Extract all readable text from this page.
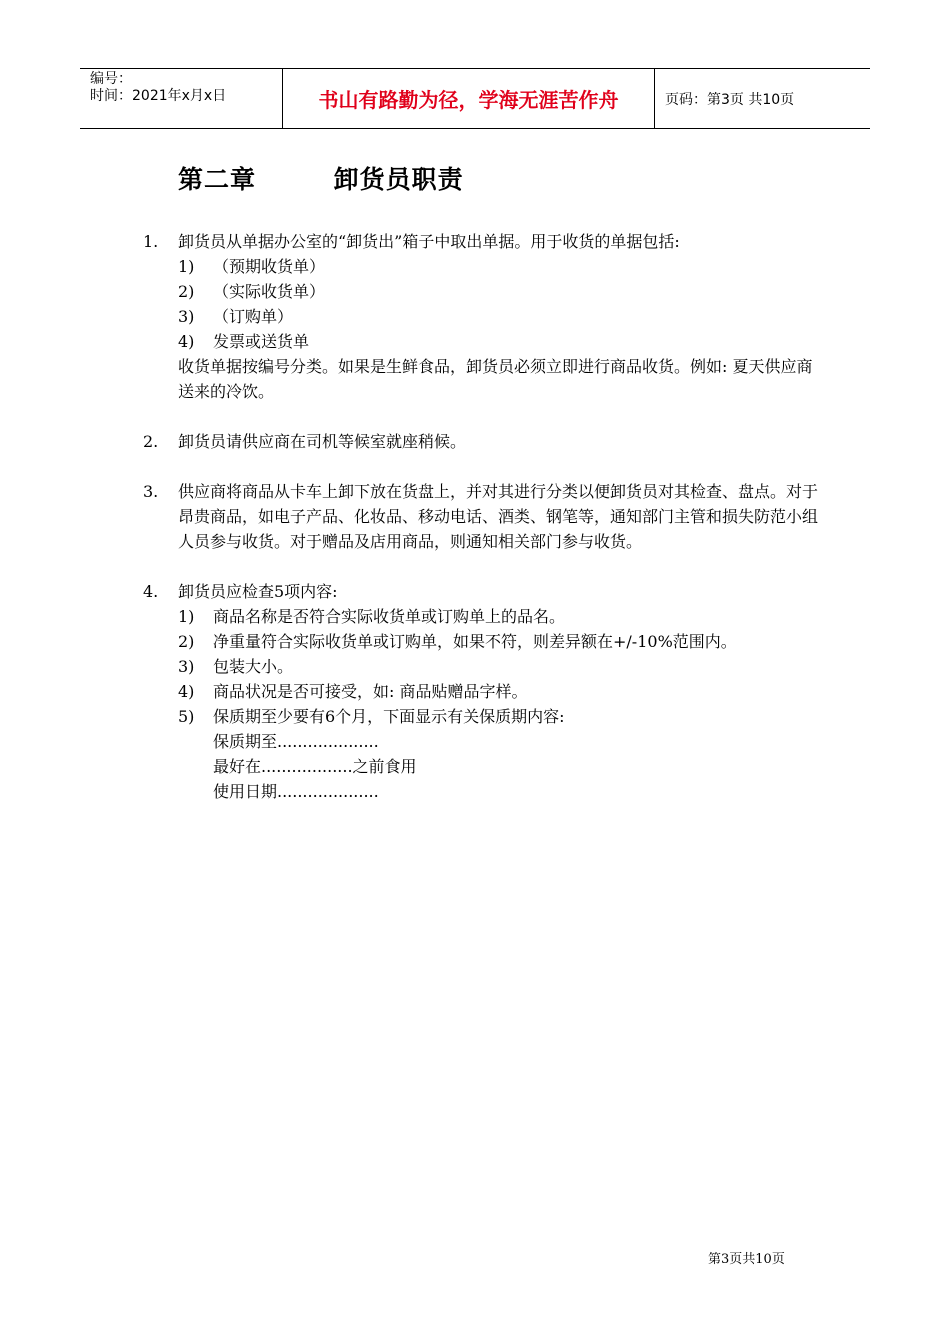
编号：
时间：2021年x月x日	书山有路勤为径，学海无涯苦作舟	页码：第3页 共10页
第二章        卸货员职责
1. 卸货员从单据办公室的“卸货出”箱子中取出单据。用于收货的单据包括:
1) （预期收货单）
2) （实际收货单）
3) （订购单）
4) 发票或送货单
收货单据按编号分类。如果是生鲜食品，卸货员必须立即进行商品收货。例如: 夏天供应商送来的冷饮。
2. 卸货员请供应商在司机等候室就座稍候。
3. 供应商将商品从卡车上卸下放在货盘上，并对其进行分类以便卸货员对其检查、盘点。对于昂贵商品，如电子产品、化妆品、移动电话、酒类、钢笔等，通知部门主管和损失防范小组人员参与收货。对于赠品及店用商品，则通知相关部门参与收货。
4. 卸货员应检查5项内容:
1) 商品名称是否符合实际收货单或订购单上的品名。
2) 净重量符合实际收货单或订购单，如果不符，则差异额在+/-10%范围内。
3) 包装大小。
4) 商品状况是否可接受，如: 商品贴赠品字样。
5) 保质期至少要有6个月，下面显示有关保质期内容:
保质期至....................
最好在..................之前食用
使用日期....................
第3页共10页
